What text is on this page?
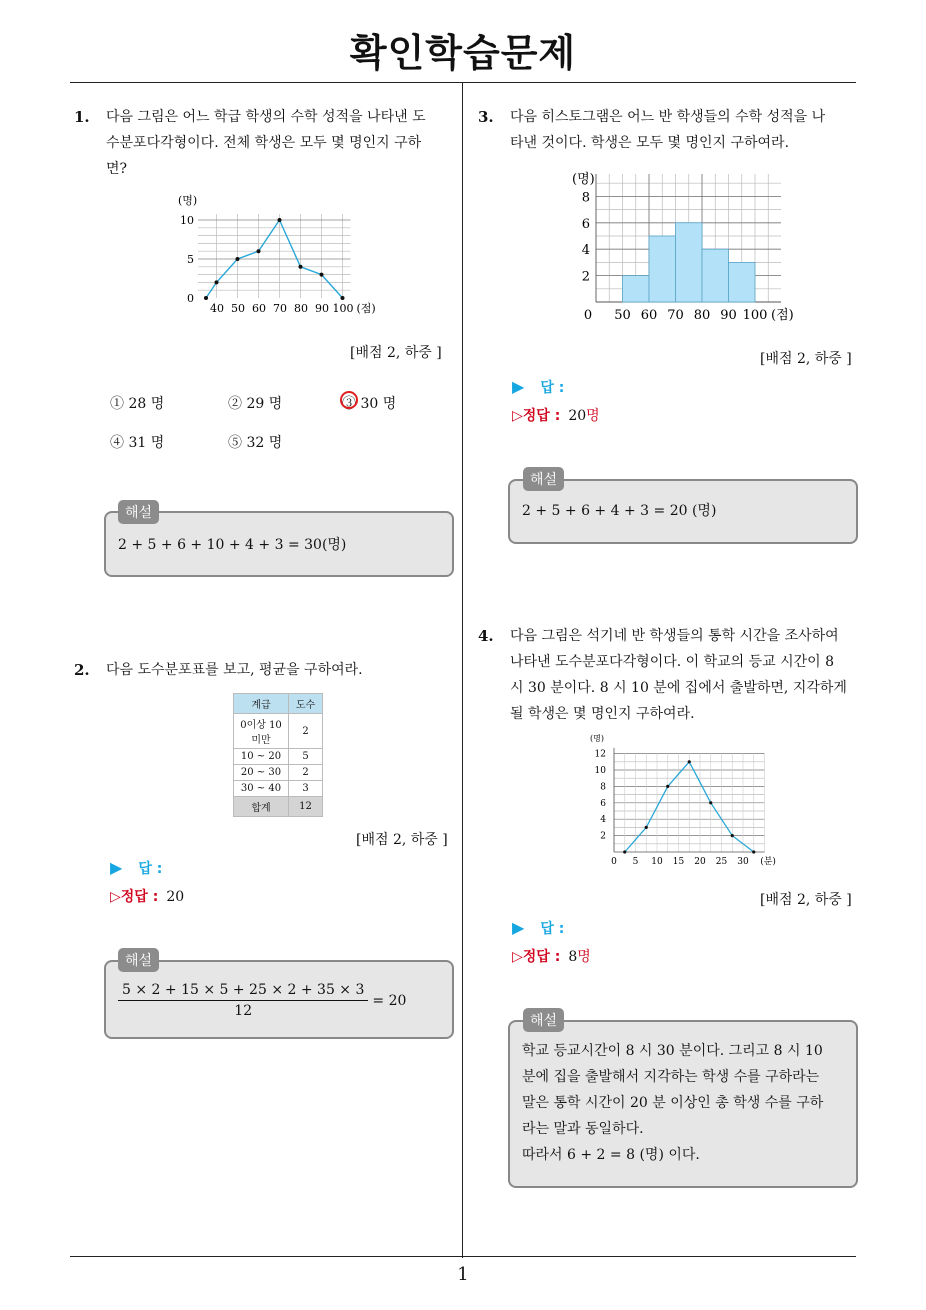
확인학습문제
1
1. 다음 그림은 어느 학급 학생의 수학 성적을 나타낸 도
수분포다각형이다. 전체 학생은 모두 몇 명인지 구하
면?
(명)
0
5
10
40 50 60 70 80 90 100 (점)
[배점 2, 하중 ]
① 28 명	② 29 명	③ 30 명
④ 31 명	⑤ 32 명
해설
2 + 5 + 6 + 10 + 4 + 3 = 30(명)
2. 다음 도수분포표를 보고, 평균을 구하여라.
계급	도수
0이상 10미만	2
10 ~ 20	5
20 ~ 30	2
30 ~ 40	3
합계	12
[배점 2, 하중 ]
▶ 답 :
▷정답 : 20
해설
$\frac{5 \times 2 + 15 \times 5 + 25 \times 2 + 35 \times 3}{12} = 20$
3. 다음 히스토그램은 어느 반 학생들의 수학 성적을 나
타낸 것이다. 학생은 모두 몇 명인지 구하여라.
(명)
2
4
6
8
0 50 60 70 80 90 100 (점)
[배점 2, 하중 ]
▶ 답 :
▷정답 : 20명
해설
2 + 5 + 6 + 4 + 3 = 20 (명)
4. 다음 그림은 석기네 반 학생들의 통학 시간을 조사하여
나타낸 도수분포다각형이다. 이 학교의 등교 시간이 8
시 30 분이다. 8 시 10 분에 집에서 출발하면, 지각하게
될 학생은 몇 명인지 구하여라.
(명)
2
4
6
8
10
12
0 5 10 15 20 25 30 (분)
[배점 2, 하중 ]
▶ 답 :
▷정답 : 8명
해설
학교 등교시간이 8 시 30 분이다. 그리고 8 시 10
분에 집을 출발해서 지각하는 학생 수를 구하라는
말은 통학 시간이 20 분 이상인 총 학생 수를 구하
라는 말과 동일하다.
따라서 6 + 2 = 8 (명) 이다.
